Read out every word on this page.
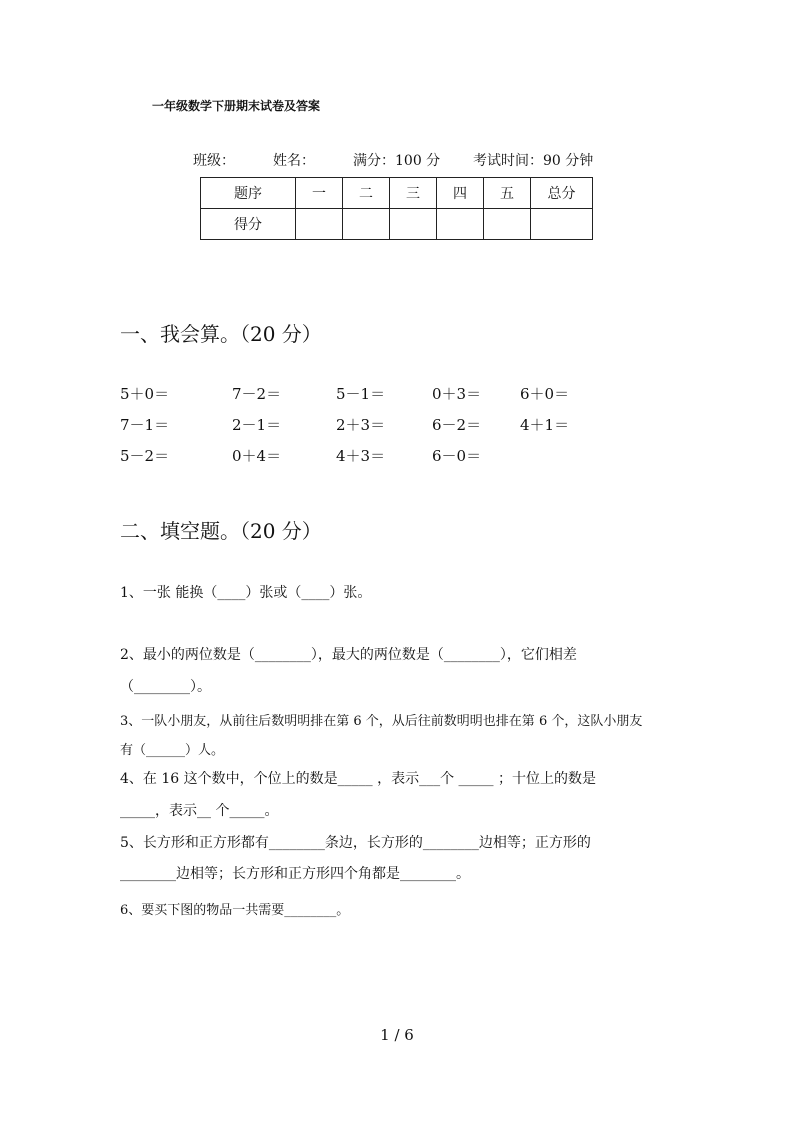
一年级数学下册期末试卷及答案
班级：	姓名：	满分：100 分 考试时间：90 分钟
题序	一	二	三	四	五	总分
得分						
一、我会算。（20 分）
5＋0＝	7－2＝	5－1＝	0＋3＝	6＋0＝
7－1＝	2－1＝	2＋3＝	6－2＝	4＋1＝
5－2＝	0＋4＝	4＋3＝	6－0＝
二、填空题。（20 分）
1、一张 能换（____）张或（____）张。
2、最小的两位数是（________），最大的两位数是（________），它们相差
（________）。
3、一队小朋友，从前往后数明明排在第 6 个，从后往前数明明也排在第 6 个，这队小朋友
有（______）人。
4、在 16 这个数中，个位上的数是_____ ，表示___个 _____ ；十位上的数是
_____，表示__ 个_____。
5、长方形和正方形都有________条边，长方形的________边相等；正方形的
________边相等；长方形和正方形四个角都是________。
6、要买下图的物品一共需要________。
1 / 6
